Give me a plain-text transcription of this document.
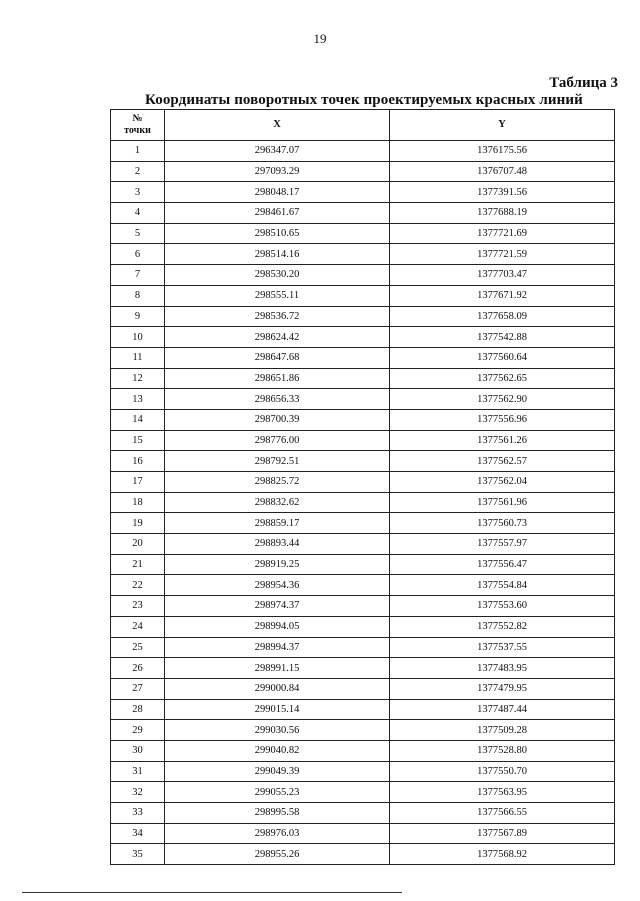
19
Таблица 3
Координаты поворотных точек проектируемых красных линий
№
точки	X	Y
1	296347.07	1376175.56
2	297093.29	1376707.48
3	298048.17	1377391.56
4	298461.67	1377688.19
5	298510.65	1377721.69
6	298514.16	1377721.59
7	298530.20	1377703.47
8	298555.11	1377671.92
9	298536.72	1377658.09
10	298624.42	1377542.88
11	298647.68	1377560.64
12	298651.86	1377562.65
13	298656.33	1377562.90
14	298700.39	1377556.96
15	298776.00	1377561.26
16	298792.51	1377562.57
17	298825.72	1377562.04
18	298832.62	1377561.96
19	298859.17	1377560.73
20	298893.44	1377557.97
21	298919.25	1377556.47
22	298954.36	1377554.84
23	298974.37	1377553.60
24	298994.05	1377552.82
25	298994.37	1377537.55
26	298991.15	1377483.95
27	299000.84	1377479.95
28	299015.14	1377487.44
29	299030.56	1377509.28
30	299040.82	1377528.80
31	299049.39	1377550.70
32	299055.23	1377563.95
33	298995.58	1377566.55
34	298976.03	1377567.89
35	298955.26	1377568.92
